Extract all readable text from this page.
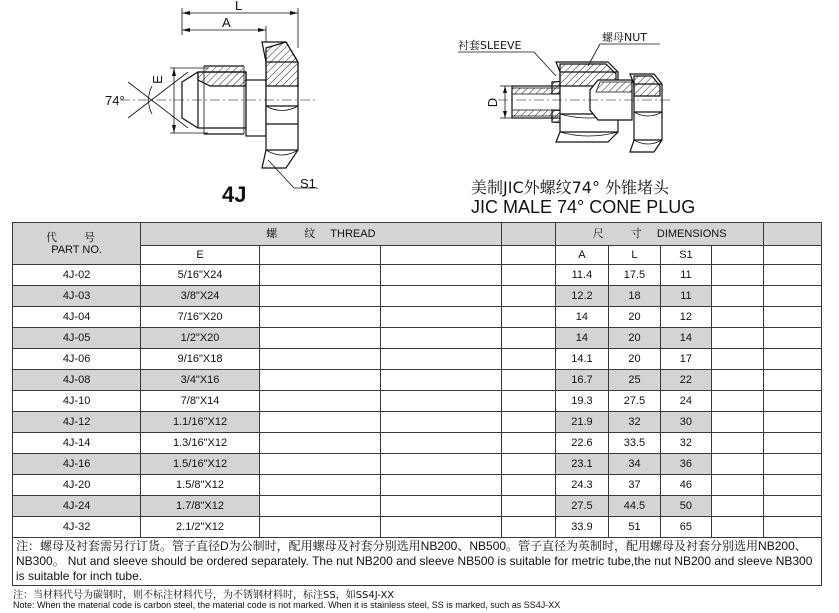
L
A
E
74°
S1
4J
D
衬套SLEEVE
螺母NUT
美制JIC外螺纹74° 外锥堵头
JIC MALE 74° CONE PLUG
代 号
PART NO.	螺 纹 THREAD				尺 寸 DIMENSIONS				
	E				A	L	S1		
4J-02	5/16"X24				11.4	17.5	11		
4J-03	3/8"X24				12.2	18	11		
4J-04	7/16"X20				14	20	12		
4J-05	1/2"X20				14	20	14		
4J-06	9/16"X18				14.1	20	17		
4J-08	3/4"X16				16.7	25	22		
4J-10	7/8"X14				19.3	27.5	24		
4J-12	1.1/16"X12				21.9	32	30		
4J-14	1.3/16"X12				22.6	33.5	32		
4J-16	1.5/16"X12				23.1	34	36		
4J-20	1.5/8"X12				24.3	37	46		
4J-24	1.7/8"X12				27.5	44.5	50		
4J-32	2.1/2"X12				33.9	51	65		
注：螺母及衬套需另行订货。管子直径D为公制时，配用螺母及衬套分别选用NB200、NB500。管子直径为英制时，配用螺母及衬套分别选用NB200、NB300。 Nut and sleeve should be ordered separately. The nut NB200 and sleeve NB500 is suitable for metric tube,the nut NB200 and sleeve NB300 is suitable for inch tube.									
注：当材料代号为碳钢时，则不标注材料代号，为不锈钢材料时，标注SS，如SS4J-XX
Note: When the material code is carbon steel, the material code is not marked. When it is stainless steel, SS is marked, such as SS4J-XX
